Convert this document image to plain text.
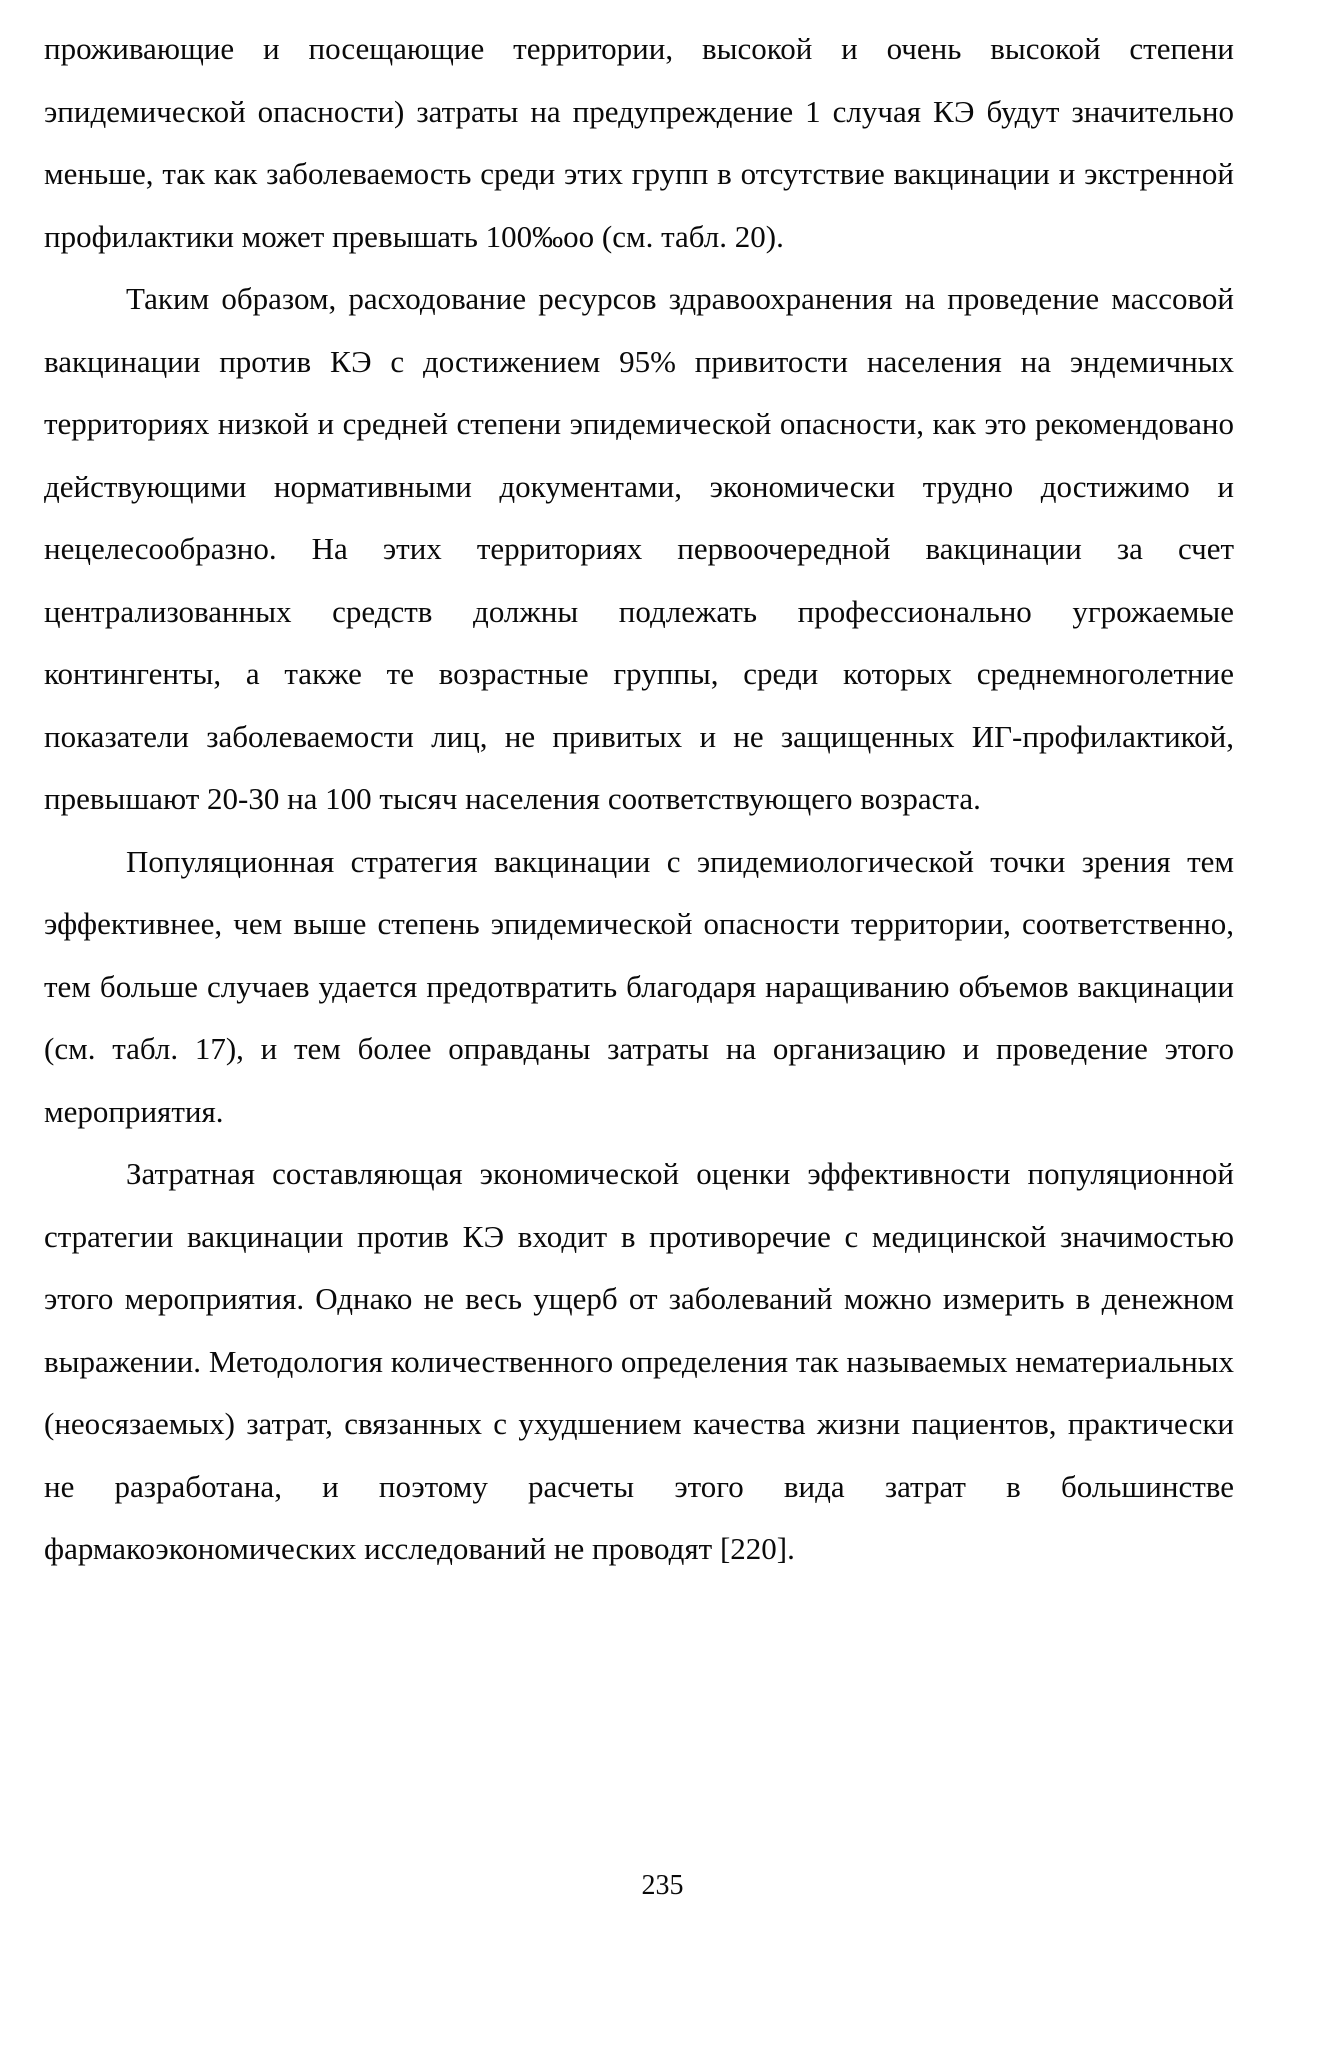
проживающие и посещающие территории, высокой и очень высокой степени эпидемической опасности) затраты на предупреждение 1 случая КЭ будут значительно меньше, так как заболеваемость среди этих групп в отсутствие вакцинации и экстренной профилактики может превышать 100‰оо (см. табл. 20).

Таким образом, расходование ресурсов здравоохранения на проведение массовой вакцинации против КЭ с достижением 95% привитости населения на эндемичных территориях низкой и средней степени эпидемической опасности, как это рекомендовано действующими нормативными документами, экономически трудно достижимо и нецелесообразно. На этих территориях первоочередной вакцинации за счет централизованных средств должны подлежать профессионально угрожаемые контингенты, а также те возрастные группы, среди которых среднемноголетние показатели заболеваемости лиц, не привитых и не защищенных ИГ-профилактикой, превышают 20-30 на 100 тысяч населения соответствующего возраста.

Популяционная стратегия вакцинации с эпидемиологической точки зрения тем эффективнее, чем выше степень эпидемической опасности территории, соответственно, тем больше случаев удается предотвратить благодаря наращиванию объемов вакцинации (см. табл. 17), и тем более оправданы затраты на организацию и проведение этого мероприятия.

Затратная составляющая экономической оценки эффективности популяционной стратегии вакцинации против КЭ входит в противоречие с медицинской значимостью этого мероприятия. Однако не весь ущерб от заболеваний можно измерить в денежном выражении. Методология количественного определения так называемых нематериальных (неосязаемых) затрат, связанных с ухудшением качества жизни пациентов, практически не разработана, и поэтому расчеты этого вида затрат в большинстве фармакоэкономических исследований не проводят [220].

235
